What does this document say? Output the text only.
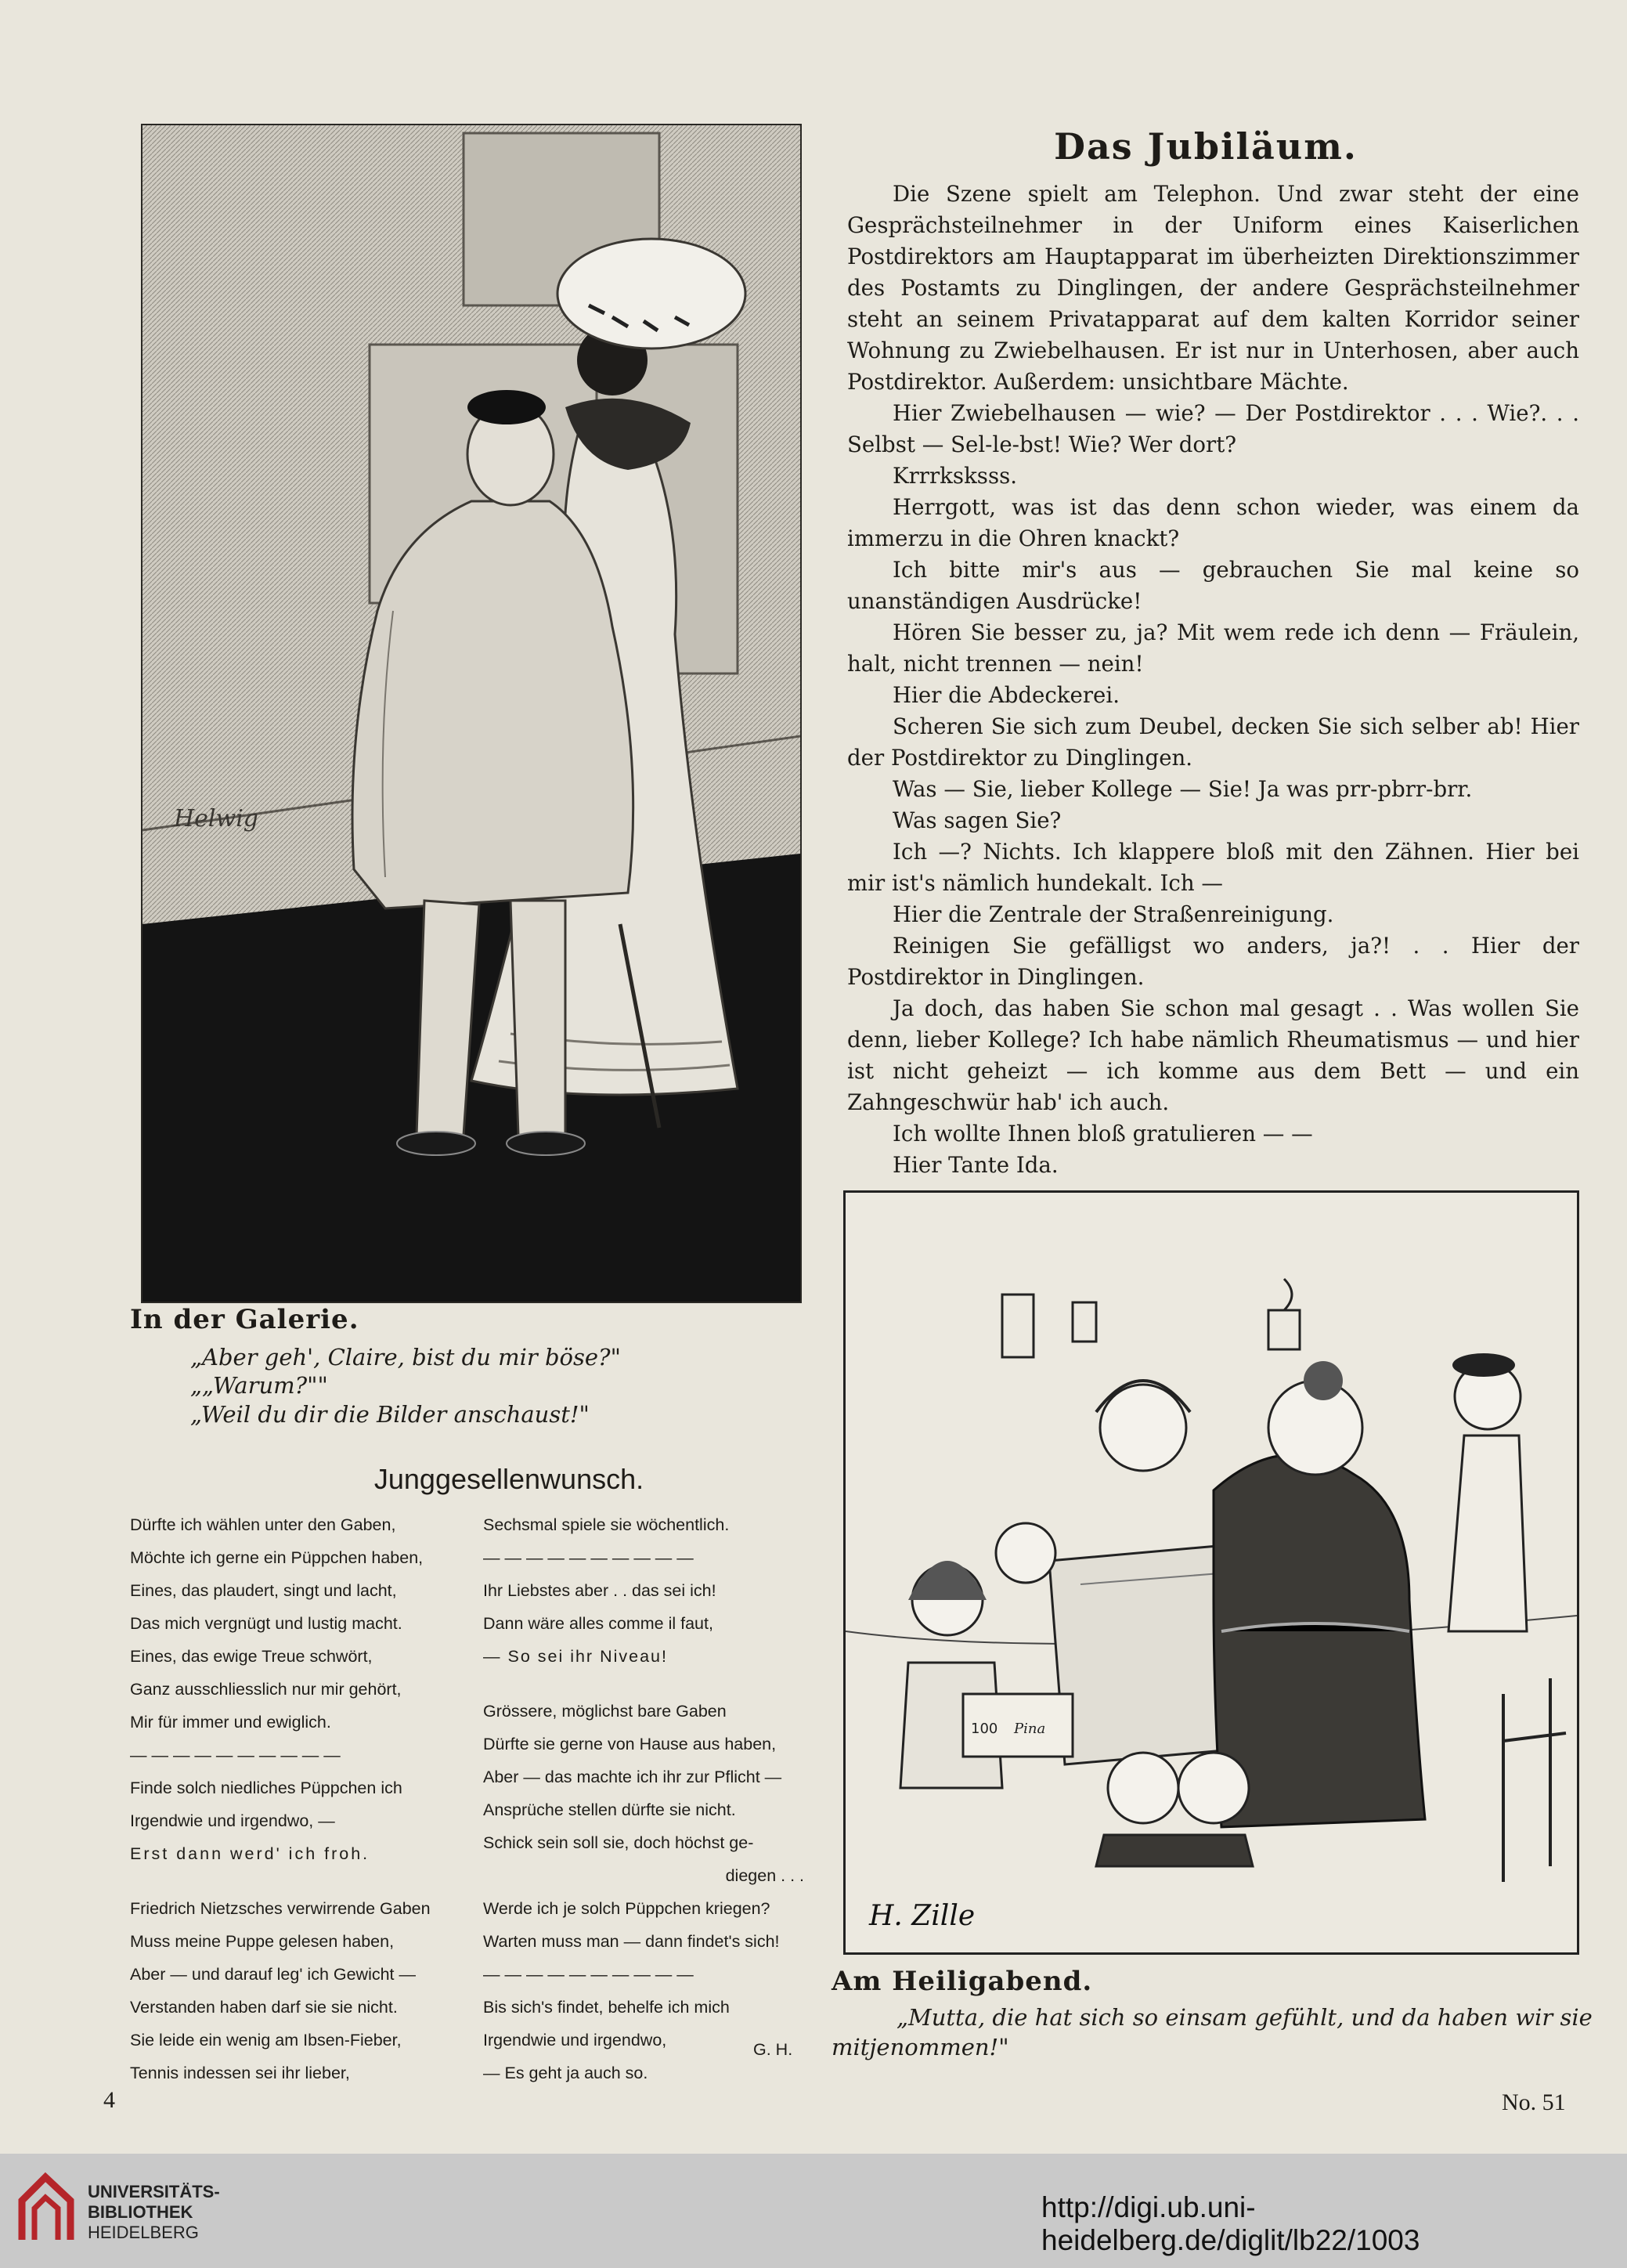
Helwig
In der Galerie.
„Aber geh', Claire, bist du mir böse?"
„„Warum?""
„Weil du dir die Bilder anschaust!"
Das Jubiläum.

Die Szene spielt am Telephon. Und zwar steht der eine Gesprächsteilnehmer in der Uniform eines Kaiserlichen Postdirektors am Hauptapparat im überheizten Direktionszimmer des Postamts zu Dinglingen, der andere Gesprächsteilnehmer steht an seinem Privatapparat auf dem kalten Korridor seiner Wohnung zu Zwiebelhausen. Er ist nur in Unterhosen, aber auch Postdirektor. Außerdem: unsichtbare Mächte.

Hier Zwiebelhausen — wie? — Der Postdirektor . . . Wie?. . . Selbst — Sel-le-bst! Wie? Wer dort?

Krrrksksss.

Herrgott, was ist das denn schon wieder, was einem da immerzu in die Ohren knackt?

Ich bitte mir's aus — gebrauchen Sie mal keine so unanständigen Ausdrücke!

Hören Sie besser zu, ja? Mit wem rede ich denn — Fräulein, halt, nicht trennen — nein!

Hier die Abdeckerei.

Scheren Sie sich zum Deubel, decken Sie sich selber ab! Hier der Postdirektor zu Dinglingen.

Was — Sie, lieber Kollege — Sie! Ja was prr-pbrr-brr.

Was sagen Sie?

Ich —? Nichts. Ich klappere bloß mit den Zähnen. Hier bei mir ist's nämlich hundekalt. Ich —

Hier die Zentrale der Straßenreinigung.

Reinigen Sie gefälligst wo anders, ja?! . . Hier der Postdirektor in Dinglingen.

Ja doch, das haben Sie schon mal gesagt . . Was wollen Sie denn, lieber Kollege? Ich habe nämlich Rheumatismus — und hier ist nicht geheizt — ich komme aus dem Bett — und ein Zahngeschwür hab' ich auch.

Ich wollte Ihnen bloß gratulieren — —

Hier Tante Ida.

Junggesellenwunsch.
Dürfte ich wählen unter den Gaben,
Möchte ich gerne ein Püppchen haben,
Eines, das plaudert, singt und lacht,
Das mich vergnügt und lustig macht.
Eines, das ewige Treue schwört,
Ganz ausschliesslich nur mir gehört,
Mir für immer und ewiglich.
— — — — — — — — — —
Finde solch niedliches Püppchen ich
Irgendwie und irgendwo, —
Erst dann werd' ich froh.
Friedrich Nietzsches verwirrende Gaben
Muss meine Puppe gelesen haben,
Aber — und darauf leg' ich Gewicht —
Verstanden haben darf sie sie nicht.
Sie leide ein wenig am Ibsen-Fieber,
Tennis indessen sei ihr lieber,
Sechsmal spiele sie wöchentlich.
— — — — — — — — — —
Ihr Liebstes aber . . das sei ich!
Dann wäre alles comme il faut,
— So sei ihr Niveau!
Grössere, möglichst bare Gaben
Dürfte sie gerne von Hause aus haben,
Aber — das machte ich ihr zur Pflicht —
Ansprüche stellen dürfte sie nicht.
Schick sein soll sie, doch höchst ge-
diegen . . .
Werde ich je solch Püppchen kriegen?
Warten muss man — dann findet's sich!
— — — — — — — — — —
Bis sich's findet, behelfe ich mich
Irgendwie und irgendwo,
— Es geht ja auch so.
G. H.
100 Pina
H. Zille
Am Heiligabend.
„Mutta, die hat sich so einsam gefühlt, und da haben wir sie
mitjenommen!"
4	No. 51
UNIVERSITÄTS-
BIBLIOTHEK
HEIDELBERG
http://digi.ub.uni-heidelberg.de/diglit/lb22/1003
